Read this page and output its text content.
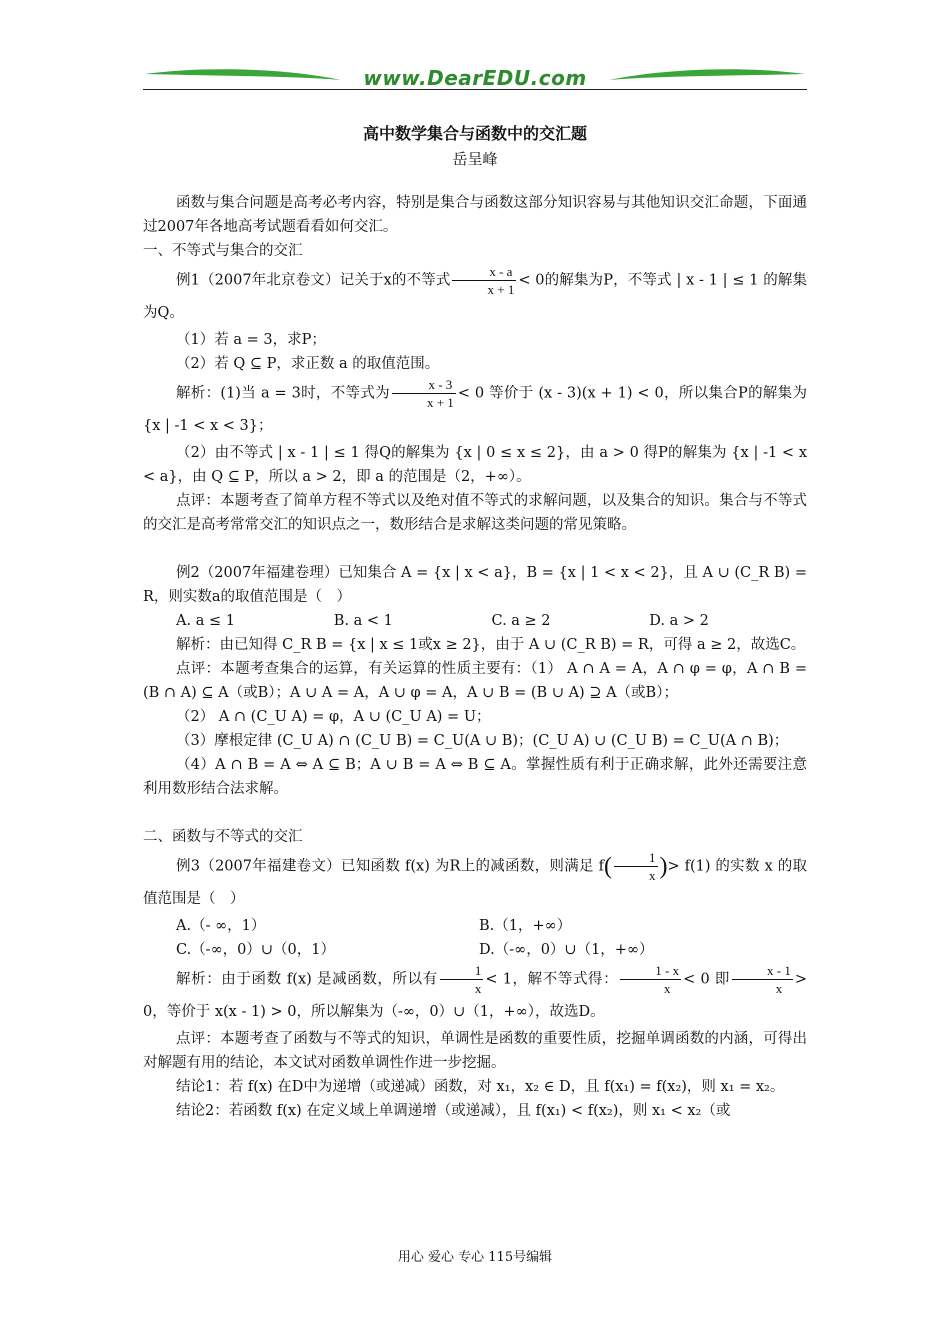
www.DearEDU.com
高中数学集合与函数中的交汇题
岳呈峰

函数与集合问题是高考必考内容，特别是集合与函数这部分知识容易与其他知识交汇命题，下面通过2007年各地高考试题看看如何交汇。

一、不等式与集合的交汇

例1（2007年北京卷文）记关于x的不等式 $\frac{x - a}{x + 1} < 0$的解集为P，不等式 | x - 1 | ≤ 1 的解集为Q。

（1）若 a = 3，求P；

（2）若 Q ⊆ P，求正数 a 的取值范围。

解析：(1)当 a = 3时，不等式为 $\frac{x - 3}{x + 1} < 0$ 等价于 (x - 3)(x + 1) < 0，所以集合P的解集为 {x | -1 < x < 3}；

（2）由不等式 | x - 1 | ≤ 1 得Q的解集为 {x | 0 ≤ x ≤ 2}，由 a > 0 得P的解集为 {x | -1 < x < a}，由 Q ⊆ P，所以 a > 2，即 a 的范围是（2，+∞）。

点评：本题考查了简单方程不等式以及绝对值不等式的求解问题，以及集合的知识。集合与不等式的交汇是高考常常交汇的知识点之一，数形结合是求解这类问题的常见策略。

例2（2007年福建卷理）已知集合 A = {x | x < a}，B = {x | 1 < x < 2}，且 A ∪ (C_R B) = R，则实数a的取值范围是（　）

A. a ≤ 1	B. a < 1	C. a ≥ 2	D. a > 2

解析：由已知得 C_R B = {x | x ≤ 1或x ≥ 2}，由于 A ∪ (C_R B) = R，可得 a ≥ 2，故选C。

点评：本题考查集合的运算，有关运算的性质主要有：（1） A ∩ A = A，A ∩ φ = φ，A ∩ B = (B ∩ A) ⊆ A（或B）；A ∪ A = A，A ∪ φ = A，A ∪ B = (B ∪ A) ⊇ A（或B）；

（2） A ∩ (C_U A) = φ，A ∪ (C_U A) = U；

（3）摩根定律 (C_U A) ∩ (C_U B) = C_U(A ∪ B)；(C_U A) ∪ (C_U B) = C_U(A ∩ B)；

（4）A ∩ B = A ⇔ A ⊆ B；A ∪ B = A ⇔ B ⊆ A。掌握性质有利于正确求解，此外还需要注意利用数形结合法求解。

二、函数与不等式的交汇

例3（2007年福建卷文）已知函数 f(x) 为R上的减函数，则满足 $f( \frac{1}{x}$ )> f(1) 的实数 x 的取值范围是（　）

A.（- ∞，1）	B.（1，+∞）
C.（-∞，0）∪（0，1）	D.（-∞，0）∪（1，+∞）

解析：由于函数 f(x) 是减函数，所以有 $\frac{1}{x} < 1$，解不等式得： $\frac{1 - x}{x} < 0$ 即 $\frac{x - 1}{x} > 0$，等价于 x(x - 1) > 0，所以解集为（-∞，0）∪（1，+∞），故选D。

点评：本题考查了函数与不等式的知识，单调性是函数的重要性质，挖掘单调函数的内涵，可得出对解题有用的结论，本文试对函数单调性作进一步挖掘。

结论1：若 f(x) 在D中为递增（或递减）函数，对 x₁，x₂ ∈ D，且 f(x₁) = f(x₂)，则 x₁ = x₂。

结论2：若函数 f(x) 在定义域上单调递增（或递减），且 f(x₁) < f(x₂)，则 x₁ < x₂（或

用心 爱心 专心 115号编辑
